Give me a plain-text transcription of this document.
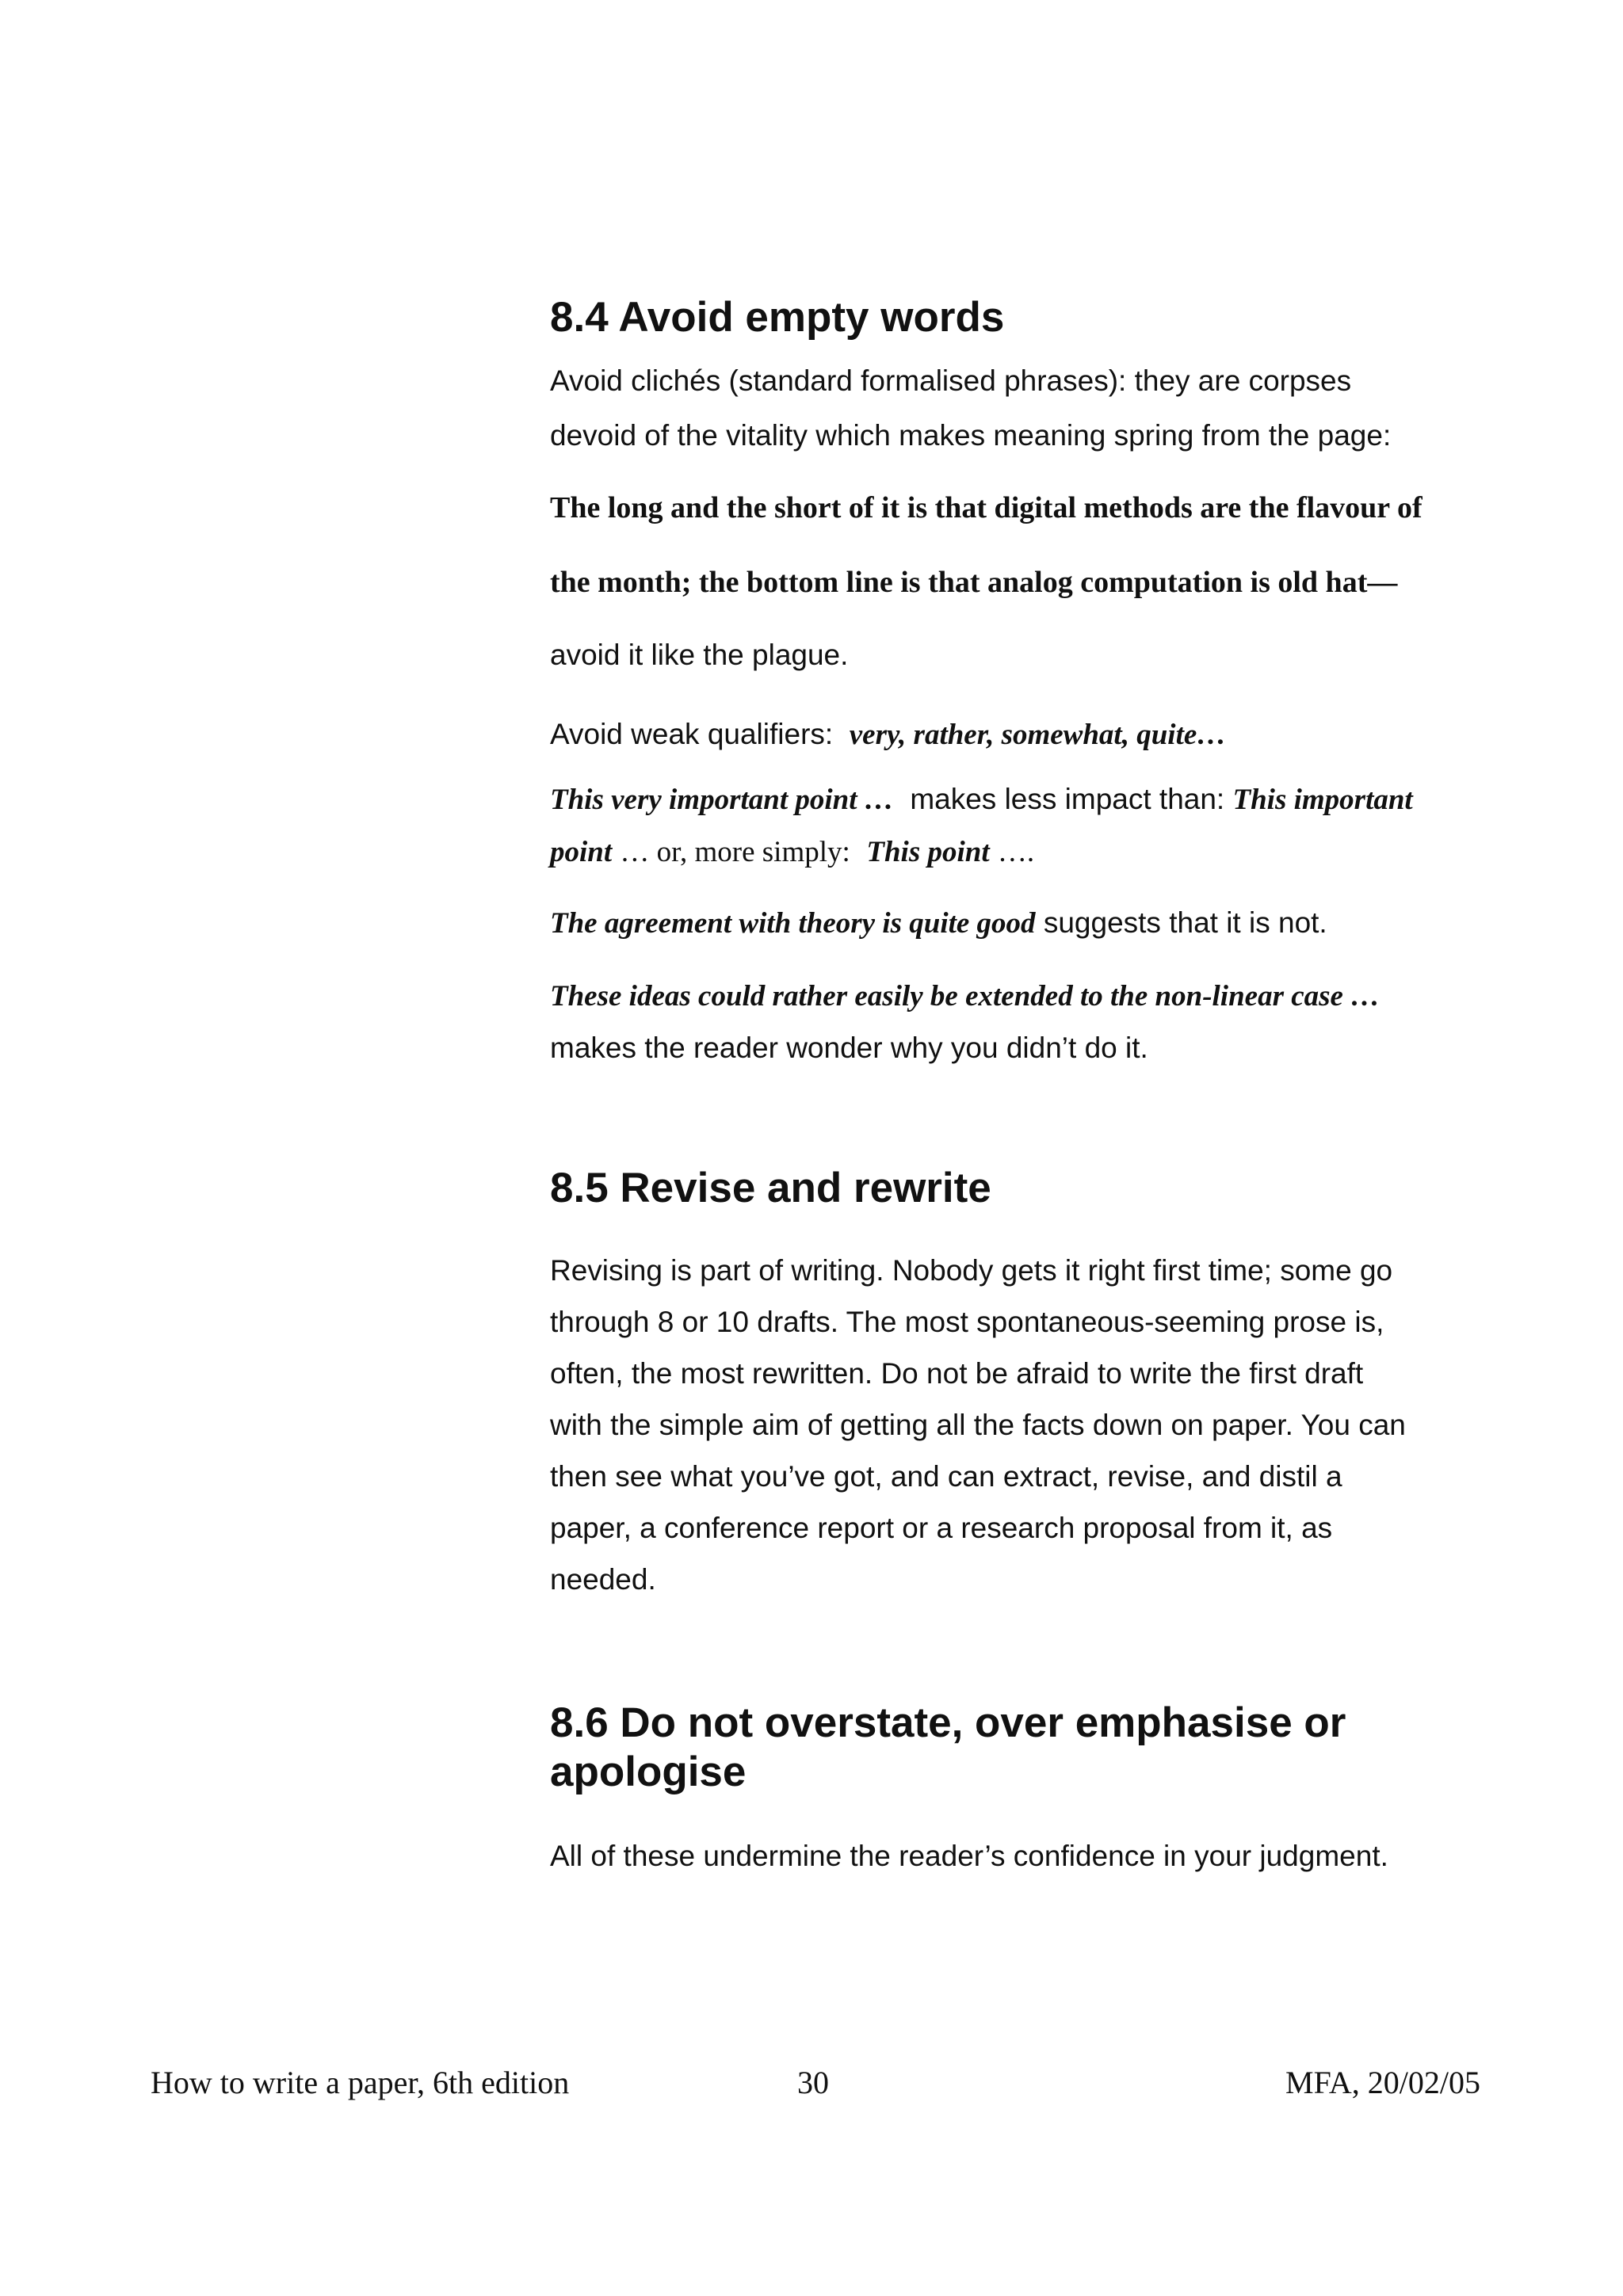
8.4 Avoid empty words

Avoid clichés (standard formalised phrases): they are corpses
devoid of the vitality which makes meaning spring from the page:

The long and the short of it is that digital methods are the flavour of
the month; the bottom line is that analog computation is old hat—
avoid it like the plague.

Avoid weak qualifiers: very, rather, somewhat, quite…

This very important point … makes less impact than: This important
point … or, more simply: This point ….

The agreement with theory is quite good suggests that it is not.

These ideas could rather easily be extended to the non-linear case …
makes the reader wonder why you didn’t do it.

8.5 Revise and rewrite

Revising is part of writing. Nobody gets it right first time; some go
through 8 or 10 drafts. The most spontaneous-seeming prose is,
often, the most rewritten. Do not be afraid to write the first draft
with the simple aim of getting all the facts down on paper. You can
then see what you’ve got, and can extract, revise, and distil a
paper, a conference report or a research proposal from it, as
needed.

8.6 Do not overstate, over emphasise or
apologise

All of these undermine the reader’s confidence in your judgment.

How to write a paper, 6th edition	30	MFA, 20/02/05
